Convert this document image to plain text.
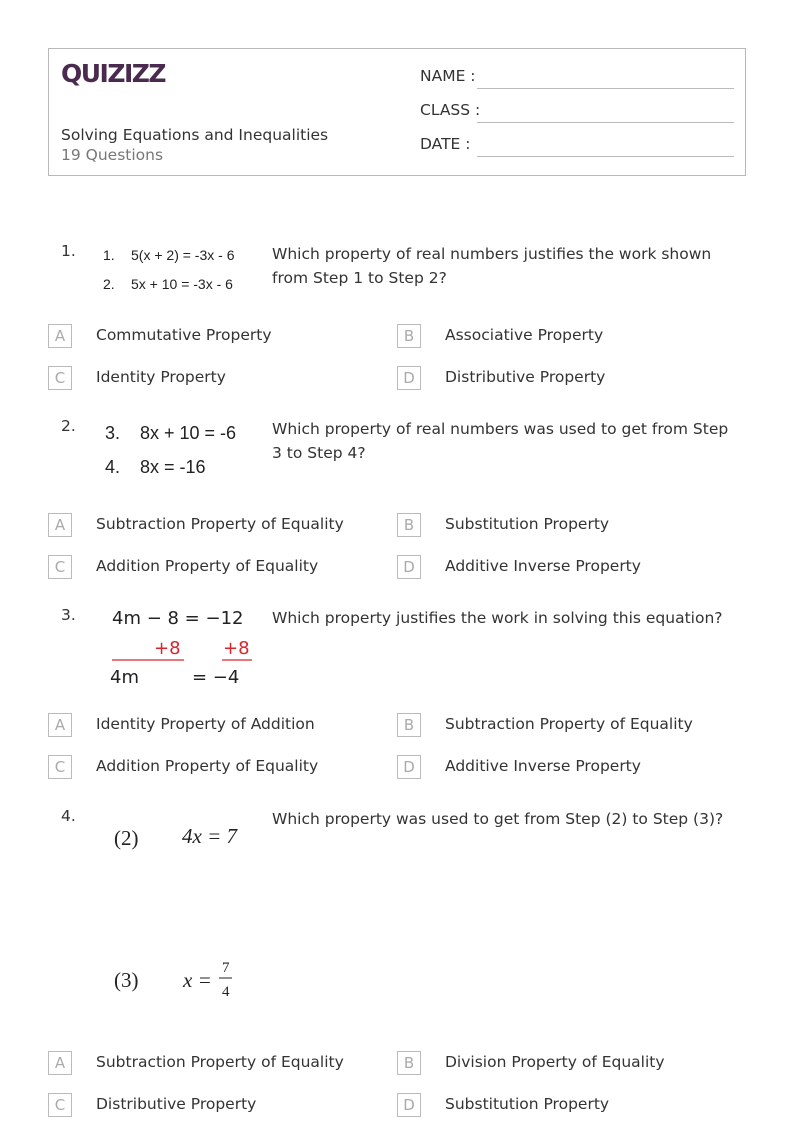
QUIZIZZ
Solving Equations and Inequalities
19 Questions
NAME :
CLASS :
DATE :
1. 1. 5(x + 2) = -3x - 6
2. 5x + 10 = -3x - 6
Which property of real numbers justifies the work shown from Step 1 to Step 2?
A	Commutative Property	B	Associative Property
C	Identity Property	D	Distributive Property
2. 3. 8x + 10 = -6
4. 8x = -16
Which property of real numbers was used to get from Step 3 to Step 4?
A	Subtraction Property of Equality	B	Substitution Property
C	Addition Property of Equality	D	Additive Inverse Property
3. 4m − 8 = −12
+8 +8
4m	= −4
Which property justifies the work in solving this equation?
A	Identity Property of Addition	B	Subtraction Property of Equality
C	Addition Property of Equality	D	Additive Inverse Property
4.
(2) 4x = 7
(3) x = 7
4
Which property was used to get from Step (2) to Step (3)?
A	Subtraction Property of Equality	B	Division Property of Equality
C	Distributive Property	D	Substitution Property
